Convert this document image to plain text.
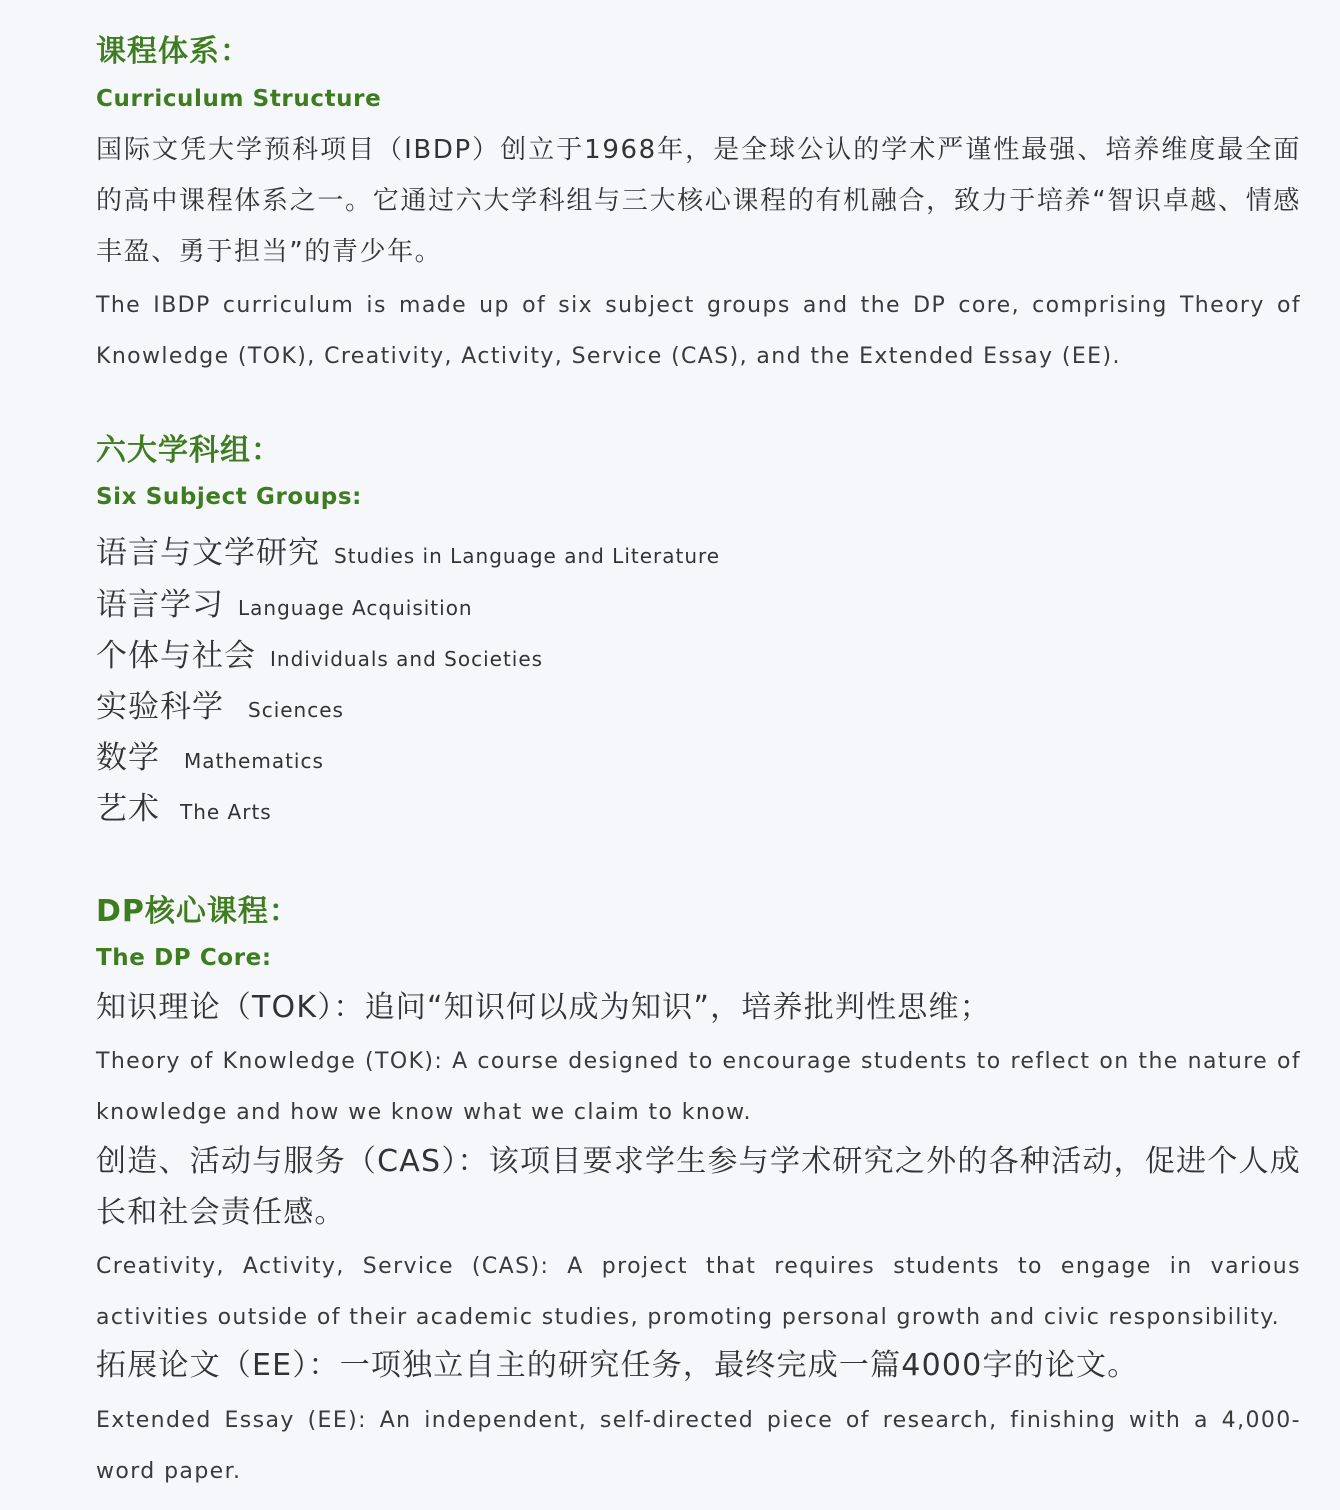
课程体系：
Curriculum Structure
国际文凭大学预科项目（IBDP）创立于1968年，是全球公认的学术严谨性最强、培养维度最全面的高中课程体系之一。它通过六大学科组与三大核心课程的有机融合，致力于培养“智识卓越、情感丰盈、勇于担当”的青少年。
The IBDP curriculum is made up of six subject groups and the DP core, comprising Theory of Knowledge (TOK), Creativity, Activity, Service (CAS), and the Extended Essay (EE).
六大学科组：
Six Subject Groups:
语言与文学研究 Studies in Language and Literature
语言学习 Language Acquisition
个体与社会 Individuals and Societies
实验科学 Sciences
数学 Mathematics
艺术 The Arts
DP核心课程：
The DP Core:
知识理论（TOK）：追问“知识何以成为知识”，培养批判性思维；
Theory of Knowledge (TOK): A course designed to encourage students to reflect on the nature of knowledge and how we know what we claim to know.
创造、活动与服务（CAS）：该项目要求学生参与学术研究之外的各种活动，促进个人成长和社会责任感。
Creativity, Activity, Service (CAS): A project that requires students to engage in various activities outside of their academic studies, promoting personal growth and civic responsibility.
拓展论文（EE）：一项独立自主的研究任务，最终完成一篇4000字的论文。
Extended Essay (EE): An independent, self-directed piece of research, finishing with a 4,000-word paper.
